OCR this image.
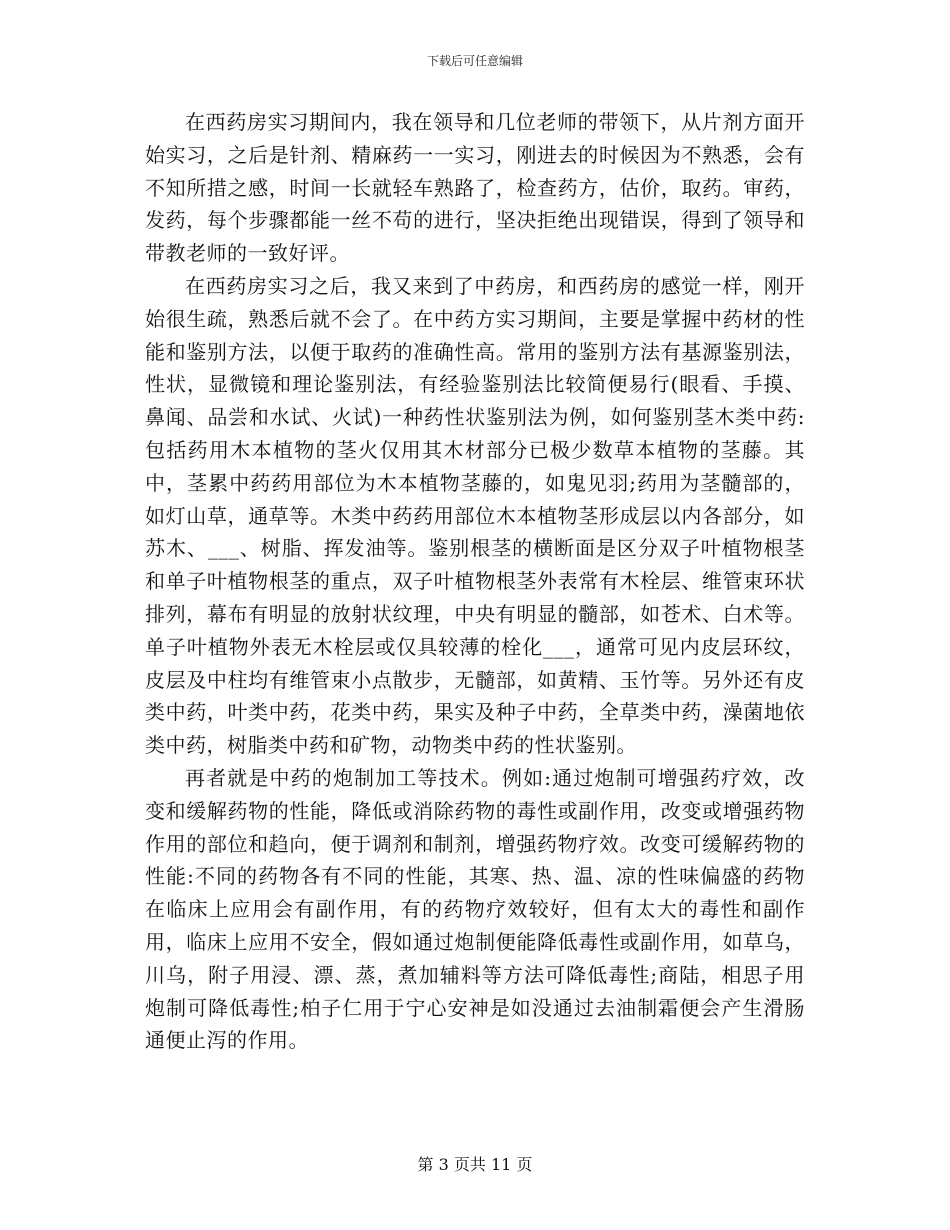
下载后可任意编辑

在西药房实习期间内，我在领导和几位老师的带领下，从片剂方面开始实习，之后是针剂、精麻药一一实习，刚进去的时候因为不熟悉，会有不知所措之感，时间一长就轻车熟路了，检查药方，估价，取药。审药，发药，每个步骤都能一丝不苟的进行，坚决拒绝出现错误，得到了领导和带教老师的一致好评。

在西药房实习之后，我又来到了中药房，和西药房的感觉一样，刚开始很生疏，熟悉后就不会了。在中药方实习期间，主要是掌握中药材的性能和鉴别方法，以便于取药的准确性高。常用的鉴别方法有基源鉴别法，性状，显微镜和理论鉴别法，有经验鉴别法比较简便易行(眼看、手摸、鼻闻、品尝和水试、火试)一种药性状鉴别法为例，如何鉴别茎木类中药:包括药用木本植物的茎火仅用其木材部分已极少数草本植物的茎藤。其中，茎累中药药用部位为木本植物茎藤的，如鬼见羽;药用为茎髓部的，如灯山草，通草等。木类中药药用部位木本植物茎形成层以内各部分，如苏木、___、树脂、挥发油等。鉴别根茎的横断面是区分双子叶植物根茎和单子叶植物根茎的重点，双子叶植物根茎外表常有木栓层、维管束环状排列，幕布有明显的放射状纹理，中央有明显的髓部，如苍术、白术等。单子叶植物外表无木栓层或仅具较薄的栓化___，通常可见内皮层环纹，皮层及中柱均有维管束小点散步，无髓部，如黄精、玉竹等。另外还有皮类中药，叶类中药，花类中药，果实及种子中药，全草类中药，澡菌地依类中药，树脂类中药和矿物，动物类中药的性状鉴别。

再者就是中药的炮制加工等技术。例如:通过炮制可增强药疗效，改变和缓解药物的性能，降低或消除药物的毒性或副作用，改变或增强药物作用的部位和趋向，便于调剂和制剂，增强药物疗效。改变可缓解药物的性能:不同的药物各有不同的性能，其寒、热、温、凉的性味偏盛的药物在临床上应用会有副作用，有的药物疗效较好，但有太大的毒性和副作用，临床上应用不安全，假如通过炮制便能降低毒性或副作用，如草乌，川乌，附子用浸、漂、蒸，煮加辅料等方法可降低毒性;商陆，相思子用炮制可降低毒性;柏子仁用于宁心安神是如没通过去油制霜便会产生滑肠通便止泻的作用。

第 3 页共 11 页
